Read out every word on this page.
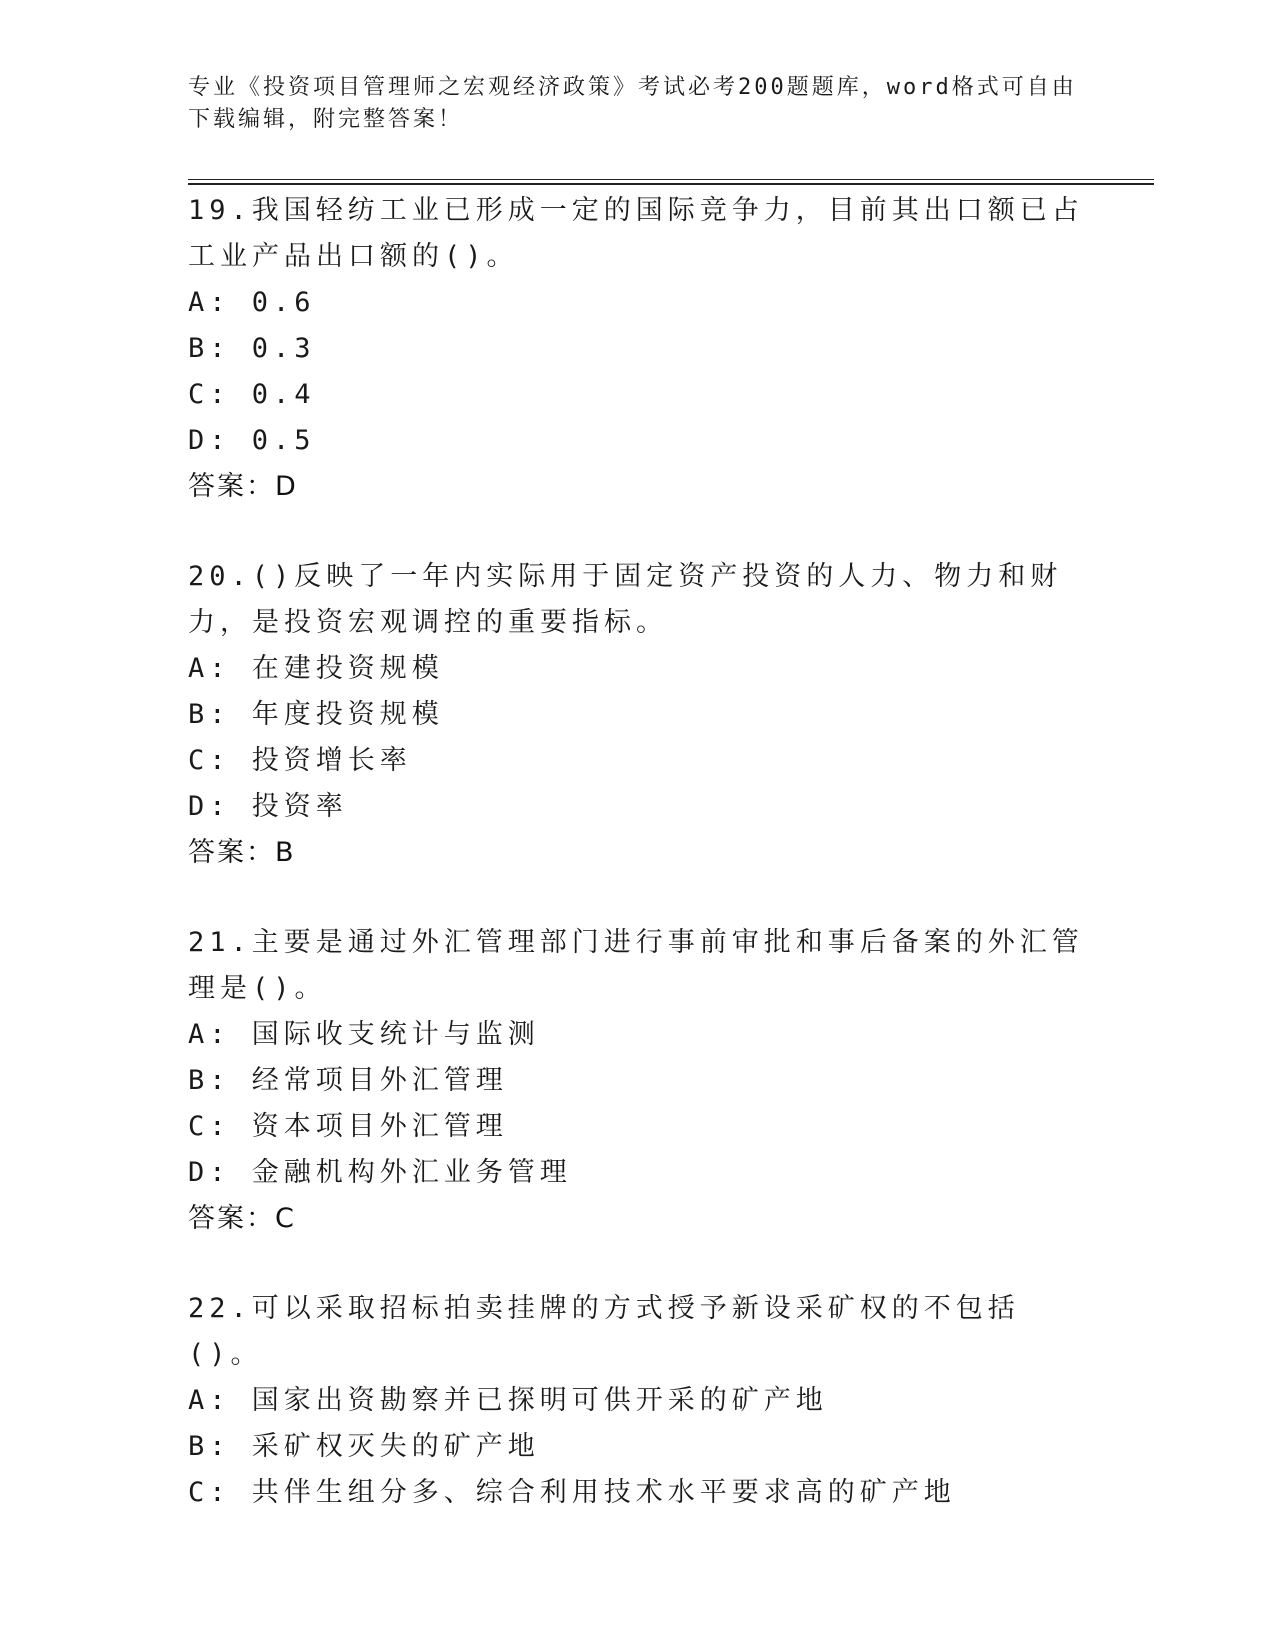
专业《投资项目管理师之宏观经济政策》考试必考200题题库，word格式可自由
下载编辑，附完整答案！
19.我国轻纺工业已形成一定的国际竞争力，目前其出口额已占工业产品出口额的()。
A: 0.6
B: 0.3
C: 0.4
D: 0.5
答案：D
20.()反映了一年内实际用于固定资产投资的人力、物力和财力，是投资宏观调控的重要指标。
A: 在建投资规模
B: 年度投资规模
C: 投资增长率
D: 投资率
答案：B
21.主要是通过外汇管理部门进行事前审批和事后备案的外汇管理是()。
A: 国际收支统计与监测
B: 经常项目外汇管理
C: 资本项目外汇管理
D: 金融机构外汇业务管理
答案：C
22.可以采取招标拍卖挂牌的方式授予新设采矿权的不包括()。
A: 国家出资勘察并已探明可供开采的矿产地
B: 采矿权灭失的矿产地
C: 共伴生组分多、综合利用技术水平要求高的矿产地
